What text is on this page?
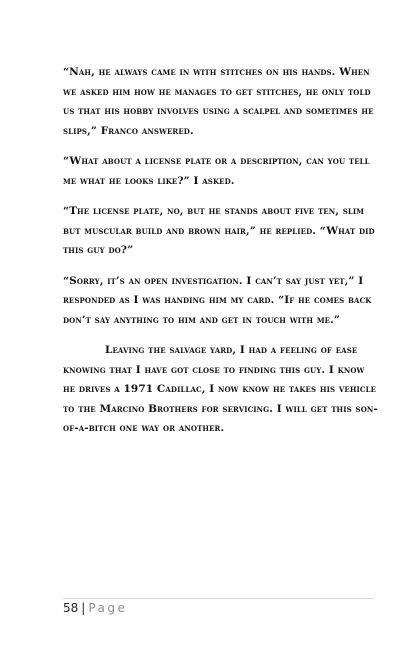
“Nah, he always came in with stitches on his hands. When we asked him how he manages to get stitches, he only told us that his hobby involves using a scalpel and sometimes he slips,” Franco answered.

“What about a license plate or a description, can you tell me what he looks like?” I asked.

“The license plate, no, but he stands about five ten, slim but muscular build and brown hair,” he replied. “What did this guy do?”

“Sorry, it’s an open investigation. I can’t say just yet,” I responded as I was handing him my card. “If he comes back don’t say anything to him and get in touch with me.”

Leaving the salvage yard, I had a feeling of ease knowing that I have got close to finding this guy. I know he drives a 1971 Cadillac, I now know he takes his vehicle to the Marcino Brothers for servicing. I will get this son-of-a-bitch one way or another.

58 | Page
